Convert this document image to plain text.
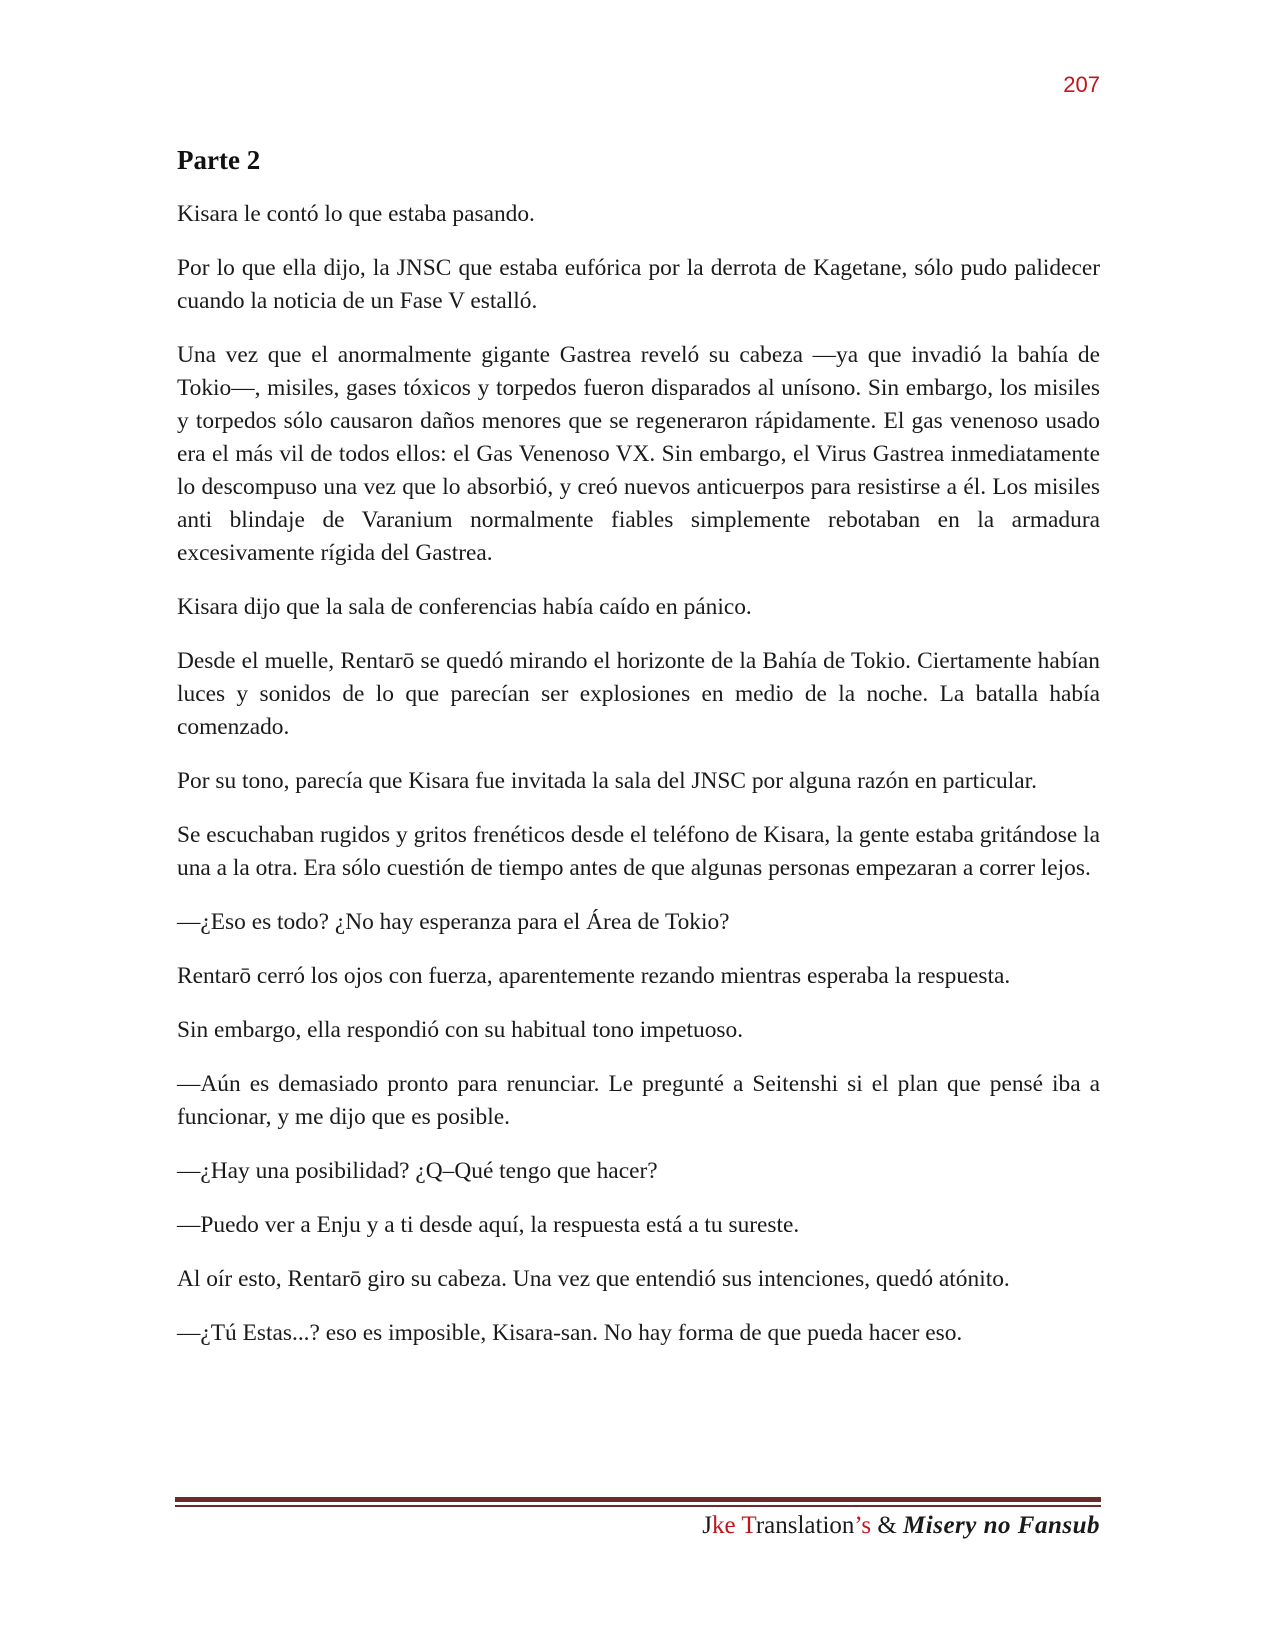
207
Parte 2

Kisara le contó lo que estaba pasando.

Por lo que ella dijo, la JNSC que estaba eufórica por la derrota de Kagetane, sólo pudo palidecer cuando la noticia de un Fase V estalló.

Una vez que el anormalmente gigante Gastrea reveló su cabeza —ya que invadió la bahía de Tokio—, misiles, gases tóxicos y torpedos fueron disparados al unísono. Sin embargo, los misiles y torpedos sólo causaron daños menores que se regeneraron rápidamente. El gas venenoso usado era el más vil de todos ellos: el Gas Venenoso VX. Sin embargo, el Virus Gastrea inmediatamente lo descompuso una vez que lo absorbió, y creó nuevos anticuerpos para resistirse a él. Los misiles anti blindaje de Varanium normalmente fiables simplemente rebotaban en la armadura excesivamente rígida del Gastrea.

Kisara dijo que la sala de conferencias había caído en pánico.

Desde el muelle, Rentarō se quedó mirando el horizonte de la Bahía de Tokio. Ciertamente habían luces y sonidos de lo que parecían ser explosiones en medio de la noche. La batalla había comenzado.

Por su tono, parecía que Kisara fue invitada la sala del JNSC por alguna razón en particular.

Se escuchaban rugidos y gritos frenéticos desde el teléfono de Kisara, la gente estaba gritándose la una a la otra. Era sólo cuestión de tiempo antes de que algunas personas empezaran a correr lejos.

—¿Eso es todo? ¿No hay esperanza para el Área de Tokio?

Rentarō cerró los ojos con fuerza, aparentemente rezando mientras esperaba la respuesta.

Sin embargo, ella respondió con su habitual tono impetuoso.

—Aún es demasiado pronto para renunciar. Le pregunté a Seitenshi si el plan que pensé iba a funcionar, y me dijo que es posible.

—¿Hay una posibilidad? ¿Q–Qué tengo que hacer?

—Puedo ver a Enju y a ti desde aquí, la respuesta está a tu sureste.

Al oír esto, Rentarō giro su cabeza. Una vez que entendió sus intenciones, quedó atónito.

—¿Tú Estas...? eso es imposible, Kisara-san. No hay forma de que pueda hacer eso.

Jke Translation’s & Misery no Fansub
